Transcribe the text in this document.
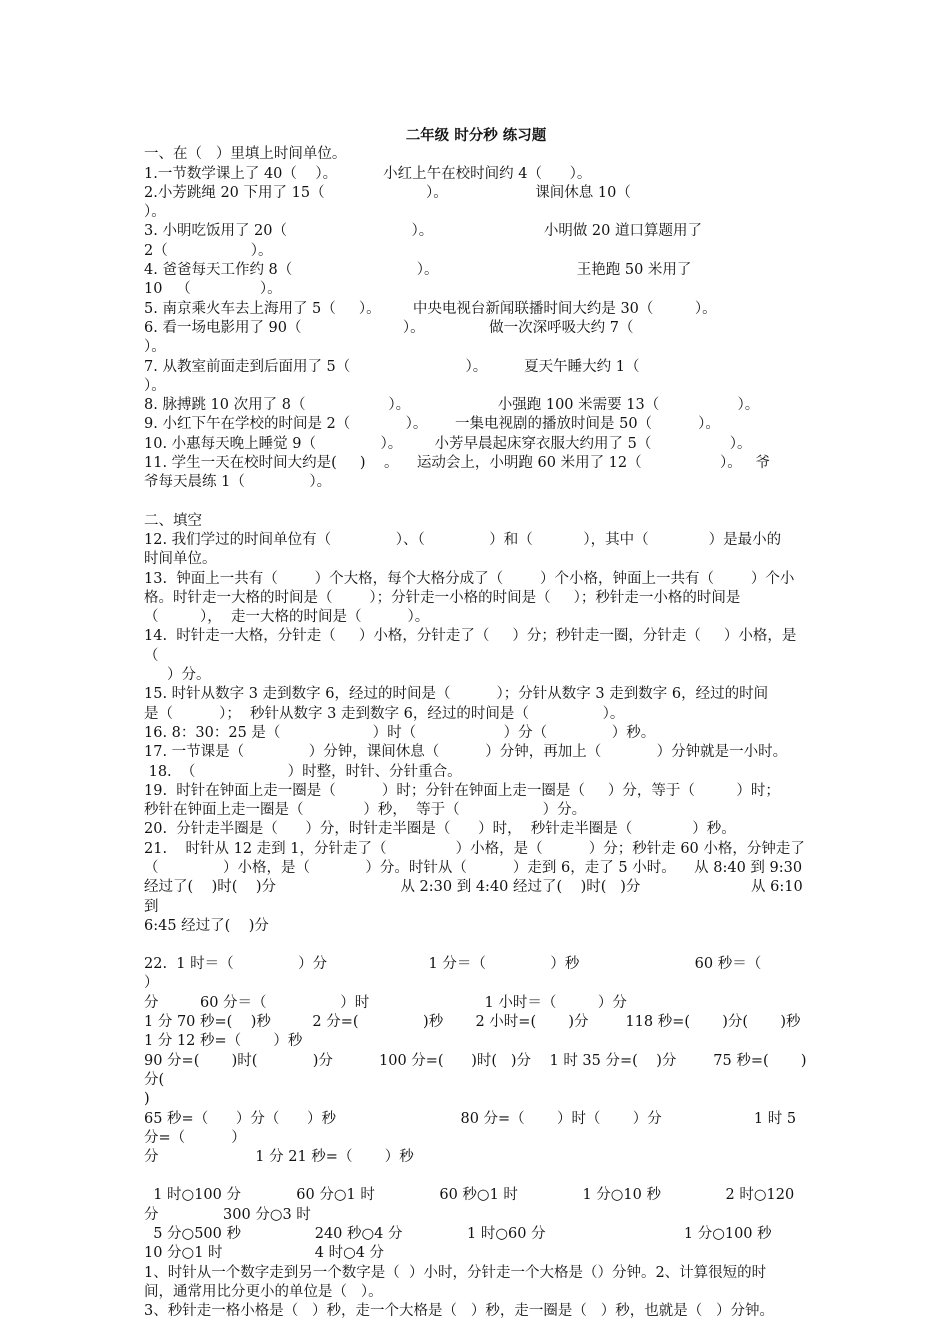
二年级 时分秒 练习题

一、在（   ）里填上时间单位。

1.一节数学课上了 40（    ）。          小红上午在校时间约 4（      ）。

2.小芳跳绳 20 下用了 15（                      ）。                   课间休息 10（

）。

3. 小明吃饭用了 20（                           ）。                        小明做 20 道口算题用了

2（                  ）。

4. 爸爸每天工作约 8（                           ）。                              王艳跑 50 米用了

10   （               ）。

5. 南京乘火车去上海用了 5（     ）。       中央电视台新闻联播时间大约是 30（         ）。

6. 看一场电影用了 90（                      ）。              做一次深呼吸大约 7（

）。

7. 从教室前面走到后面用了 5（                         ）。        夏天午睡大约 1（

）。

8. 脉搏跳 10 次用了 8（                  ）。                   小强跑 100 米需要 13（                 ）。

9. 小红下午在学校的时间是 2（            ）。      一集电视剧的播放时间是 50（          ）。

10. 小惠每天晚上睡觉 9（              ）。       小芳早晨起床穿衣服大约用了 5（                 ）。

11. 学生一天在校时间大约是(     )    。    运动会上，小明跑 60 米用了 12（                 ）。   爷

爷每天晨练 1（              ）。

二、填空

12. 我们学过的时间单位有（              ）、（              ）和（           ），其中（             ）是最小的

时间单位。

13.  钟面上一共有（        ）个大格，每个大格分成了（        ）个小格，钟面上一共有（        ）个小

格。时针走一大格的时间是（        ）；分针走一小格的时间是（     ）；秒针走一小格的时间是

（         ），  走一大格的时间是（          ）。

14.  时针走一大格，分针走（     ）小格，分针走了（     ）分；秒针走一圈，分针走（     ）小格，是（

）分。

15. 时针从数字 3 走到数字 6，经过的时间是（          ）；分针从数字 3 走到数字 6，经过的时间

是（          ）；  秒针从数字 3 走到数字 6，经过的时间是（                ）。

16. 8：30：25 是（                    ）时（                   ）分（              ）秒。

17. 一节课是（              ）分钟，课间休息（          ）分钟，再加上（            ）分钟就是一小时。

18.  （                    ）时整，时针、分针重合。

19.  时针在钟面上走一圈是（          ）时；分针在钟面上走一圈是（     ）分，等于（         ）时；

秒针在钟面上走一圈是（             ）秒，  等于（                  ）分。

20.  分针走半圈是（      ）分，时针走半圈是（      ）时，  秒针走半圈是（             ）秒。

21.    时针从 12 走到 1，分针走了（               ）小格，是（          ）分；秒针走 60 小格，分钟走了

（              ）小格，是（            ）分。时针从（          ）走到 6，走了 5 小时。    从 8:40 到 9:30

经过了(    )时(    )分                           从 2:30 到 4:40 经过了(    )时(   )分                        从 6:10 到

6:45 经过了(    )分

22.  1 时＝（              ）分                      1 分＝（              ）秒                         60 秒＝（                 ）

分         60 分＝（                ）时                         1 小时＝（         ）分

1 分 70 秒=(    )秒         2 分=(              )秒       2 小时=(       )分        118 秒=(       )分(       )秒

1 分 12 秒=（       ）秒

90 分=(       )时(            )分          100 分=(      )时(   )分    1 时 35 分=(    )分        75 秒=(       )分(

)

65 秒=（      ）分（      ）秒                           80 分=（       ）时（       ）分                    1 时 5 分=（          ）

分                     1 分 21 秒=（       ）秒

1 时○100 分            60 分○1 时              60 秒○1 时              1 分○10 秒              2 时○120

分              300 分○3 时

5 分○500 秒                240 秒○4 分              1 时○60 分                              1 分○100 秒

10 分○1 时                    4 时○4 分

1、时针从一个数字走到另一个数字是（  ）小时，分针走一个大格是（）分钟。2、计算很短的时

间，通常用比分更小的单位是（   ）。

3、秒针走一格小格是（   ）秒，走一个大格是（   ）秒，走一圈是（   ）秒，也就是（   ）分钟。
